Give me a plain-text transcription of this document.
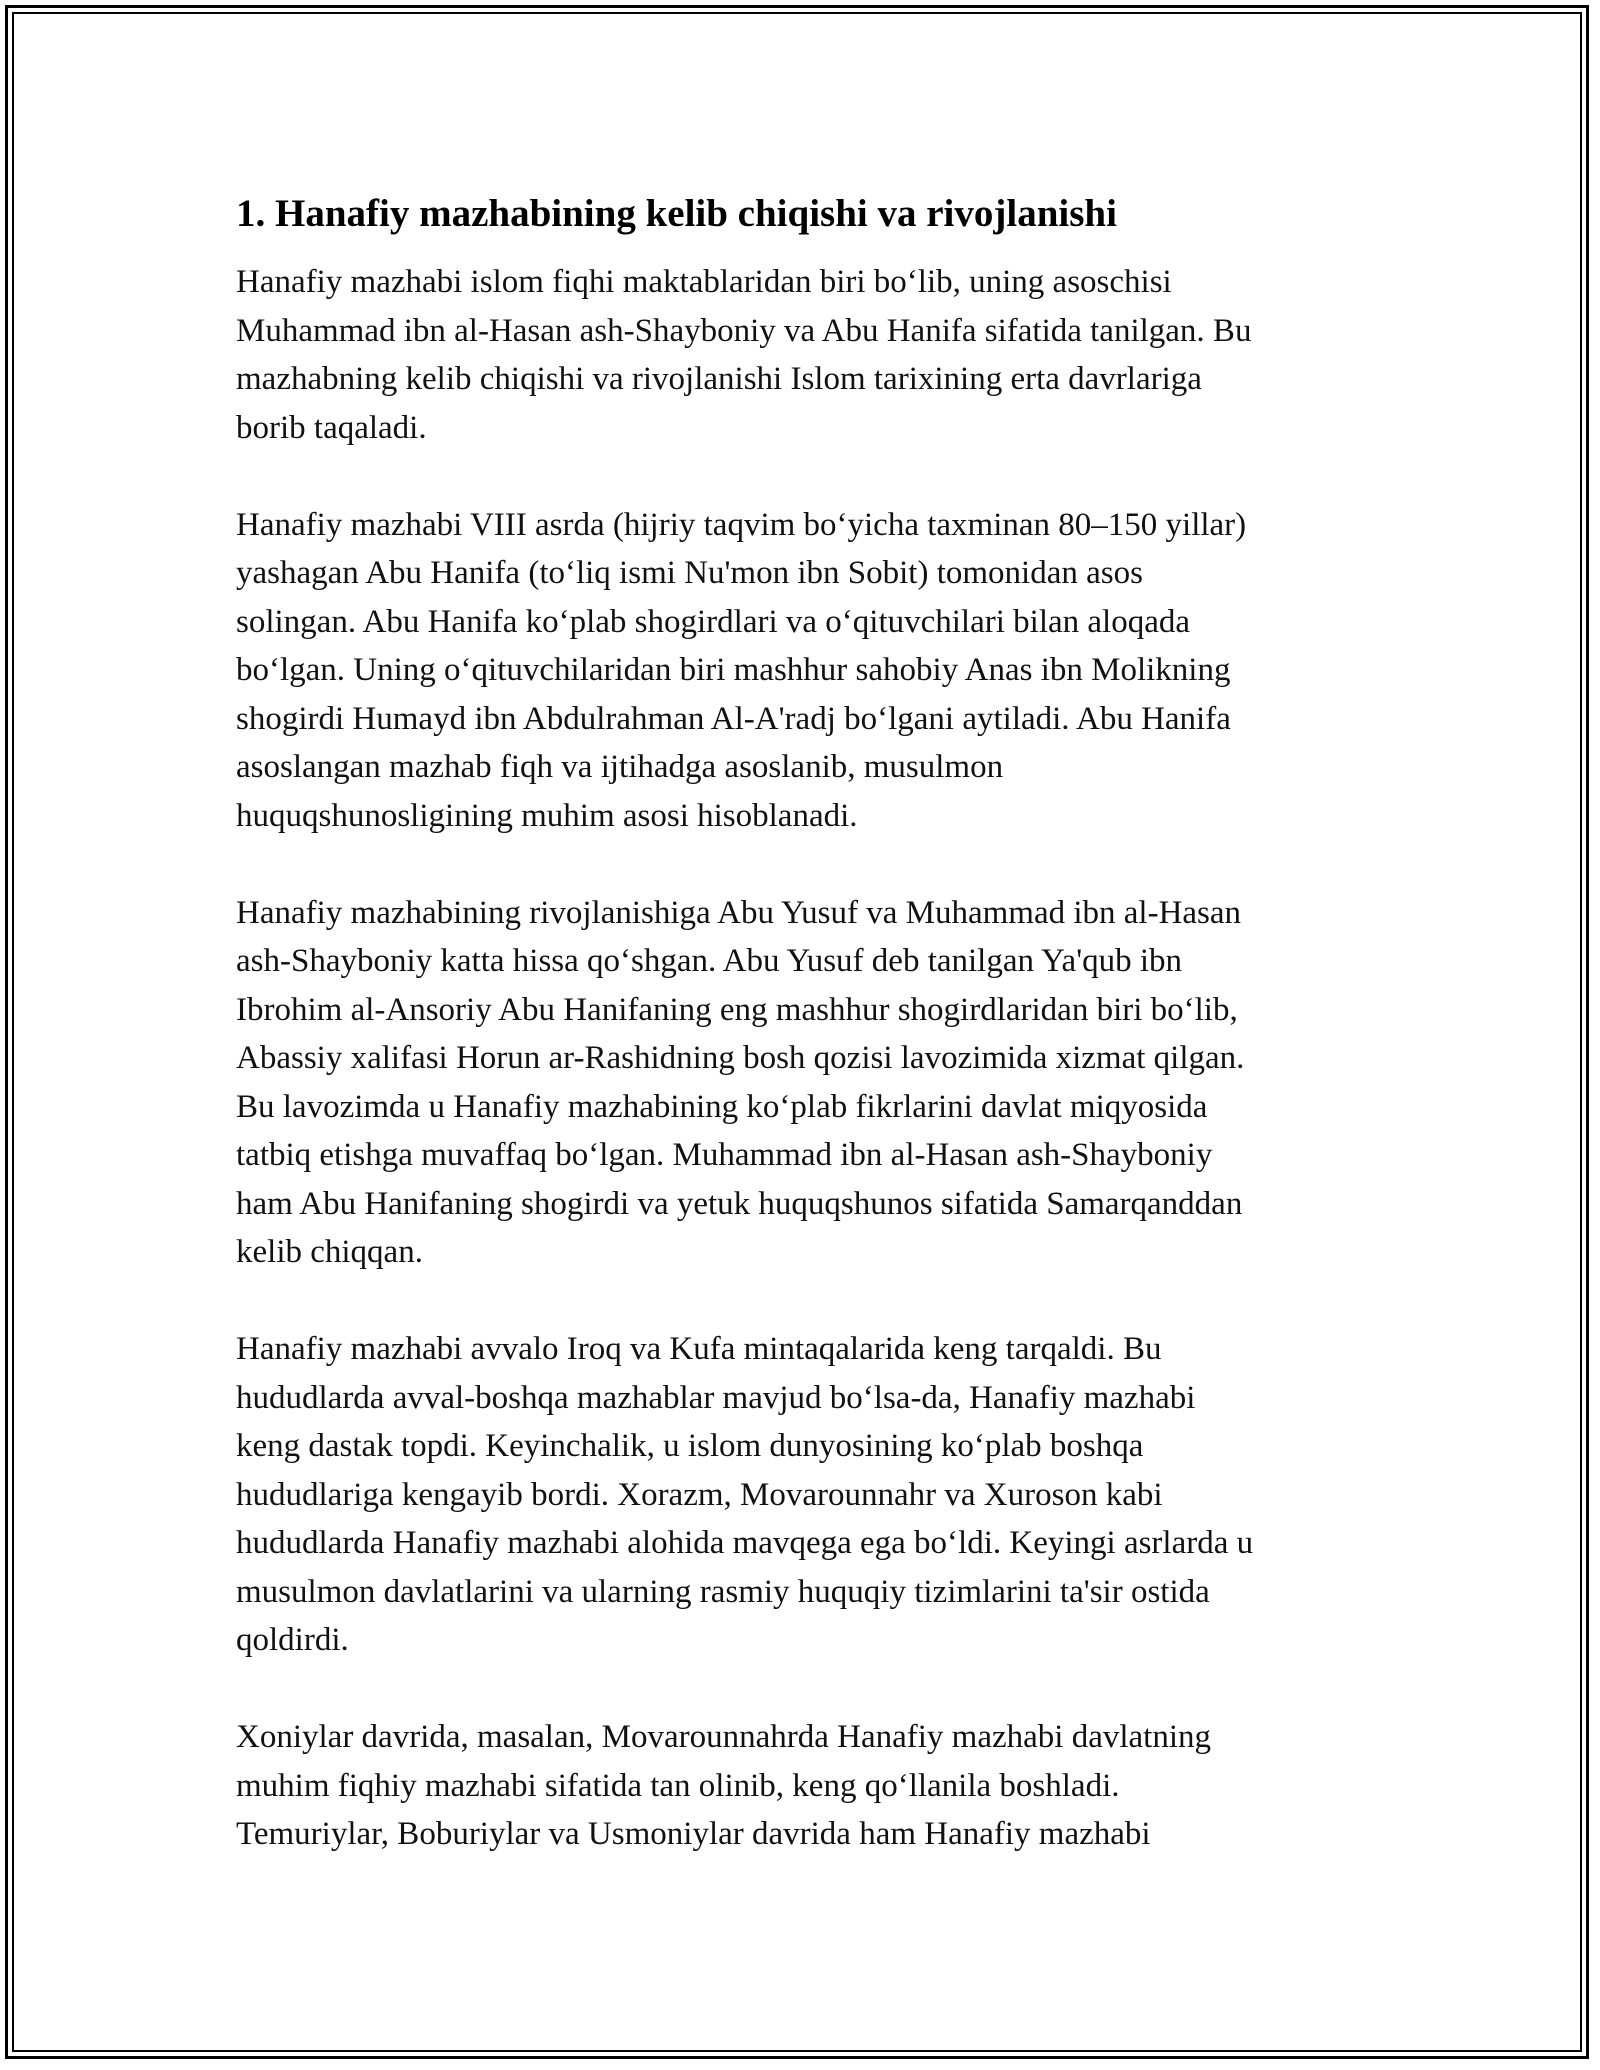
1. Hanafiy mazhabining kelib chiqishi va rivojlanishi

Hanafiy mazhabi islom fiqhi maktablaridan biri bo‘lib, uning asoschisi
Muhammad ibn al-Hasan ash-Shayboniy va Abu Hanifa sifatida tanilgan. Bu
mazhabning kelib chiqishi va rivojlanishi Islom tarixining erta davrlariga
borib taqaladi.

Hanafiy mazhabi VIII asrda (hijriy taqvim bo‘yicha taxminan 80–150 yillar)
yashagan Abu Hanifa (to‘liq ismi Nu'mon ibn Sobit) tomonidan asos
solingan. Abu Hanifa ko‘plab shogirdlari va o‘qituvchilari bilan aloqada
bo‘lgan. Uning o‘qituvchilaridan biri mashhur sahobiy Anas ibn Molikning
shogirdi Humayd ibn Abdulrahman Al-A'radj bo‘lgani aytiladi. Abu Hanifa
asoslangan mazhab fiqh va ijtihadga asoslanib, musulmon
huquqshunosligining muhim asosi hisoblanadi.

Hanafiy mazhabining rivojlanishiga Abu Yusuf va Muhammad ibn al-Hasan
ash-Shayboniy katta hissa qo‘shgan. Abu Yusuf deb tanilgan Ya'qub ibn
Ibrohim al-Ansoriy Abu Hanifaning eng mashhur shogirdlaridan biri bo‘lib,
Abassiy xalifasi Horun ar-Rashidning bosh qozisi lavozimida xizmat qilgan.
Bu lavozimda u Hanafiy mazhabining ko‘plab fikrlarini davlat miqyosida
tatbiq etishga muvaffaq bo‘lgan. Muhammad ibn al-Hasan ash-Shayboniy
ham Abu Hanifaning shogirdi va yetuk huquqshunos sifatida Samarqanddan
kelib chiqqan.

Hanafiy mazhabi avvalo Iroq va Kufa mintaqalarida keng tarqaldi. Bu
hududlarda avval-boshqa mazhablar mavjud bo‘lsa-da, Hanafiy mazhabi
keng dastak topdi. Keyinchalik, u islom dunyosining ko‘plab boshqa
hududlariga kengayib bordi. Xorazm, Movarounnahr va Xuroson kabi
hududlarda Hanafiy mazhabi alohida mavqega ega bo‘ldi. Keyingi asrlarda u
musulmon davlatlarini va ularning rasmiy huquqiy tizimlarini ta'sir ostida
qoldirdi.

Xoniylar davrida, masalan, Movarounnahrda Hanafiy mazhabi davlatning
muhim fiqhiy mazhabi sifatida tan olinib, keng qo‘llanila boshladi.
Temuriylar, Boburiylar va Usmoniylar davrida ham Hanafiy mazhabi
